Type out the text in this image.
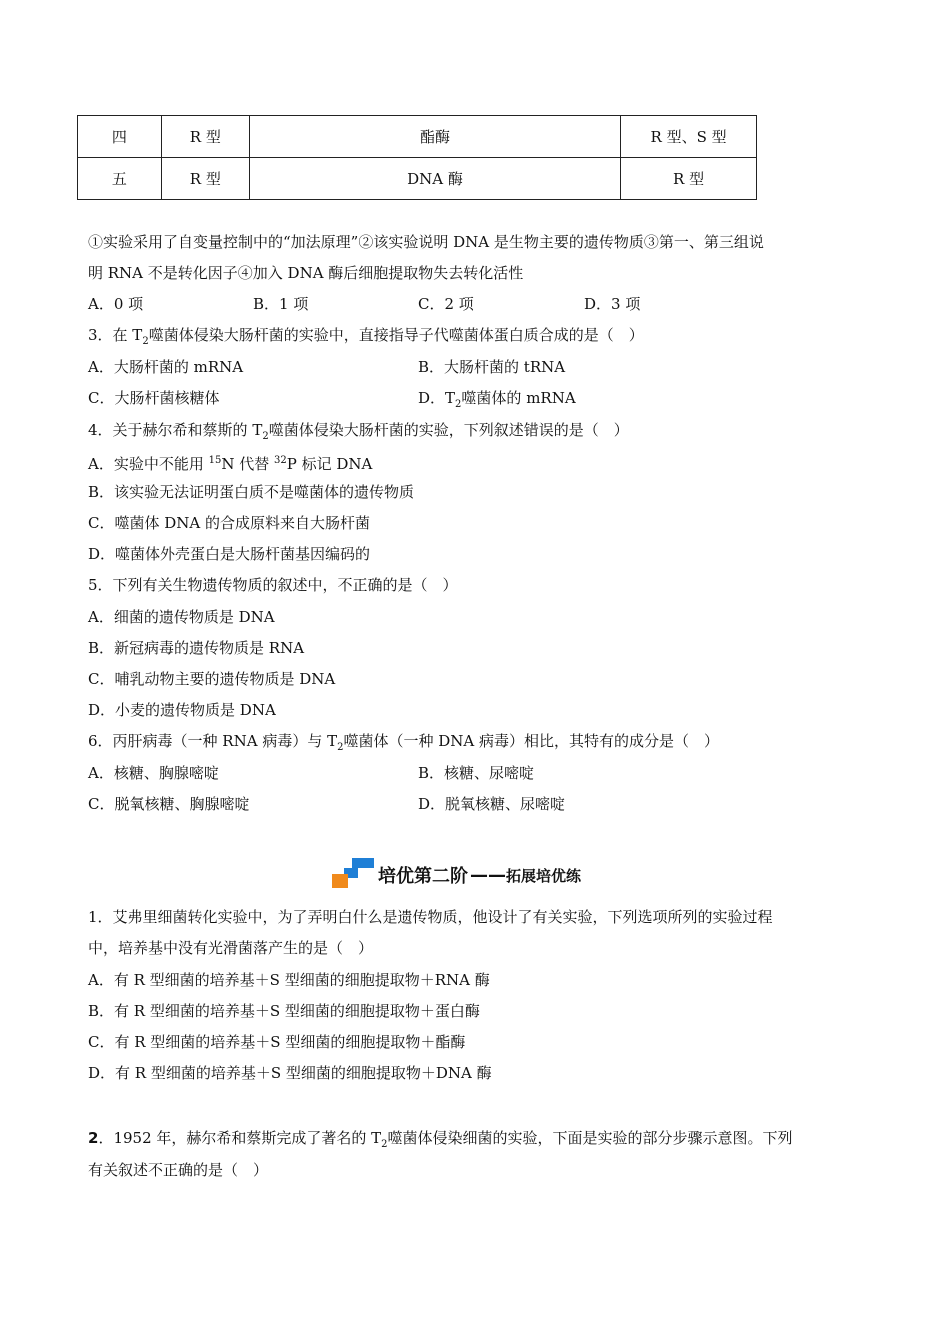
四	R 型	酯酶	R 型、S 型
五	R 型	DNA 酶	R 型
①实验采用了自变量控制中的“加法原理”②该实验说明 DNA 是生物主要的遗传物质③第一、第三组说
明 RNA 不是转化因子④加入 DNA 酶后细胞提取物失去转化活性
A．0 项	B．1 项	C．2 项	D．3 项
3．在 $T_2$噬菌体侵染大肠杆菌的实验中，直接指导子代噬菌体蛋白质合成的是（　）
A．大肠杆菌的 mRNA	B．大肠杆菌的 tRNA
C．大肠杆菌核糖体	D．$T_2$噬菌体的 mRNA
4．关于赫尔希和蔡斯的 $T_2$噬菌体侵染大肠杆菌的实验，下列叙述错误的是（　）
A．实验中不能用 $^{15}$N 代替 $^{32}$P 标记 DNA
B．该实验无法证明蛋白质不是噬菌体的遗传物质
C．噬菌体 DNA 的合成原料来自大肠杆菌
D．噬菌体外壳蛋白是大肠杆菌基因编码的
5．下列有关生物遗传物质的叙述中，不正确的是（　）
A．细菌的遗传物质是 DNA
B．新冠病毒的遗传物质是 RNA
C．哺乳动物主要的遗传物质是 DNA
D．小麦的遗传物质是 DNA
6．丙肝病毒（一种 RNA 病毒）与 $T_2$噬菌体（一种 DNA 病毒）相比，其特有的成分是（　）
A．核糖、胸腺嘧啶	B．核糖、尿嘧啶
C．脱氧核糖、胸腺嘧啶	D．脱氧核糖、尿嘧啶
培优第二阶 —— 拓展培优练
1．艾弗里细菌转化实验中，为了弄明白什么是遗传物质，他设计了有关实验，下列选项所列的实验过程
中，培养基中没有光滑菌落产生的是（　）
A．有 R 型细菌的培养基＋S 型细菌的细胞提取物＋RNA 酶
B．有 R 型细菌的培养基＋S 型细菌的细胞提取物＋蛋白酶
C．有 R 型细菌的培养基＋S 型细菌的细胞提取物＋酯酶
D．有 R 型细菌的培养基＋S 型细菌的细胞提取物＋DNA 酶
2．1952 年，赫尔希和蔡斯完成了著名的 $T_2$噬菌体侵染细菌的实验，下面是实验的部分步骤示意图。下列
有关叙述不正确的是（　）
